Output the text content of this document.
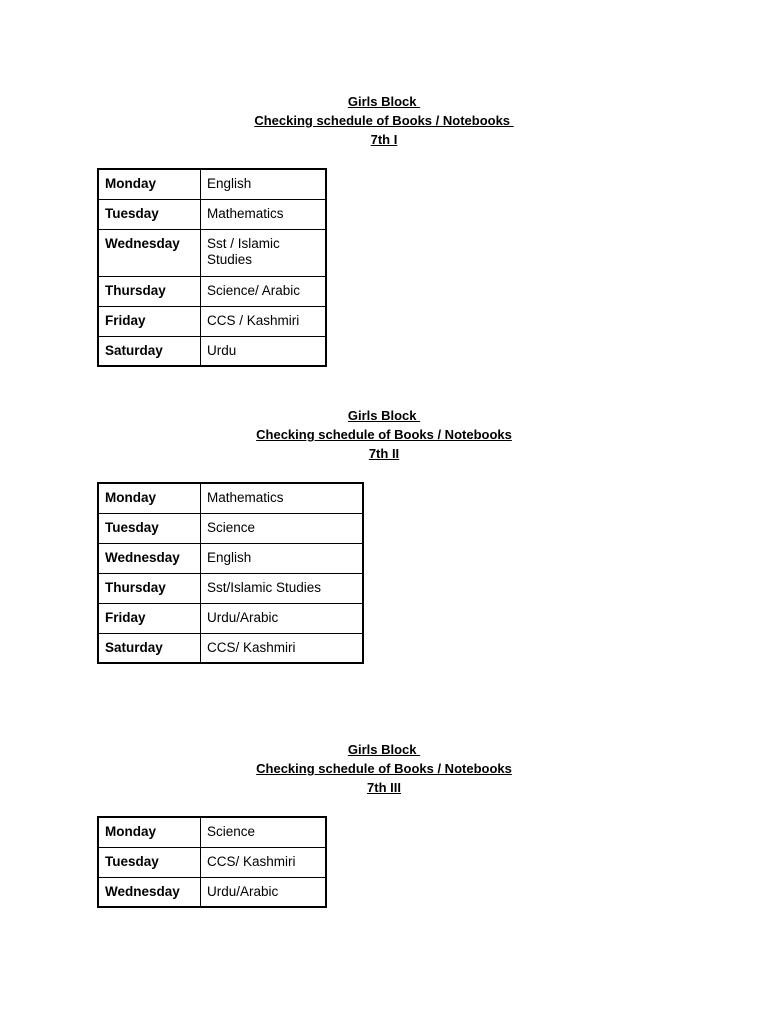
Girls Block
Checking schedule of Books / Notebooks
7th I
Monday	English
Tuesday	Mathematics
Wednesday	Sst / Islamic Studies
Thursday	Science/ Arabic
Friday	CCS / Kashmiri
Saturday	Urdu
Girls Block
Checking schedule of Books / Notebooks
7th II
Monday	Mathematics
Tuesday	Science
Wednesday	English
Thursday	Sst/Islamic Studies
Friday	Urdu/Arabic
Saturday	CCS/ Kashmiri
Girls Block
Checking schedule of Books / Notebooks
7th III
Monday	Science
Tuesday	CCS/ Kashmiri
Wednesday	Urdu/Arabic
